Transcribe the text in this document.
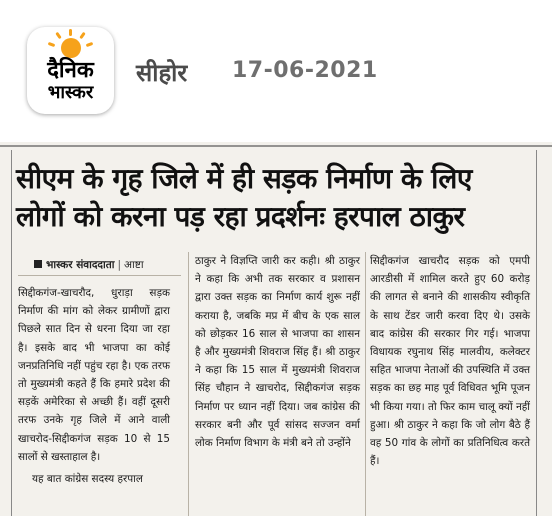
दैनिक
भास्कर
सीहोर 17-06-2021
सीएम के गृह जिले में ही सड़क निर्माण के लिए
लोगों को करना पड़ रहा प्रदर्शनः हरपाल ठाकुर
भास्कर संवाददाता | आष्टा

सिद्दीकगंज-खाचरौद, धुराड़ा सड़क निर्माण की मांग को लेकर ग्रामीणों द्वारा पिछले सात दिन से धरना दिया जा रहा है। इसके बाद भी भाजपा का कोई जनप्रतिनिधि नहीं पहुंच रहा है। एक तरफ तो मुख्यमंत्री कहते हैं कि हमारे प्रदेश की सड़कें अमेरिका से अच्छी हैं। वहीं दूसरी तरफ उनके गृह जिले में आने वाली खाचरोद-सिद्दीकगंज सड़क 10 से 15 सालों से खस्ताहाल है।

यह बात कांग्रेस सदस्य हरपाल

ठाकुर ने विज्ञप्ति जारी कर कही। श्री ठाकुर ने कहा कि अभी तक सरकार व प्रशासन द्वारा उक्त सड़क का निर्माण कार्य शुरू नहीं कराया है, जबकि मप्र में बीच के एक साल को छोड़कर 16 साल से भाजपा का शासन है और मुख्यमंत्री शिवराज सिंह हैं। श्री ठाकुर ने कहा कि 15 साल में मुख्यमंत्री शिवराज सिंह चौहान ने खाचरोद, सिद्दीकगंज सड़क निर्माण पर ध्यान नहीं दिया। जब कांग्रेस की सरकार बनी और पूर्व सांसद सज्जन वर्मा लोक निर्माण विभाग के मंत्री बने तो उन्होंने

सिद्दीकगंज खाचरौद सड़क को एमपी आरडीसी में शामिल करते हुए 60 करोड़ की लागत से बनाने की शासकीय स्वीकृति के साथ टेंडर जारी करवा दिए थे। उसके बाद कांग्रेस की सरकार गिर गई। भाजपा विधायक रघुनाथ सिंह मालवीय, कलेक्टर सहित भाजपा नेताओं की उपस्थिति में उक्त सड़क का छह माह पूर्व विधिवत भूमि पूजन भी किया गया। तो फिर काम चालू क्यों नहीं हुआ। श्री ठाकुर ने कहा कि जो लोग बैठे हैं वह 50 गांव के लोगों का प्रतिनिधित्व करते हैं।
